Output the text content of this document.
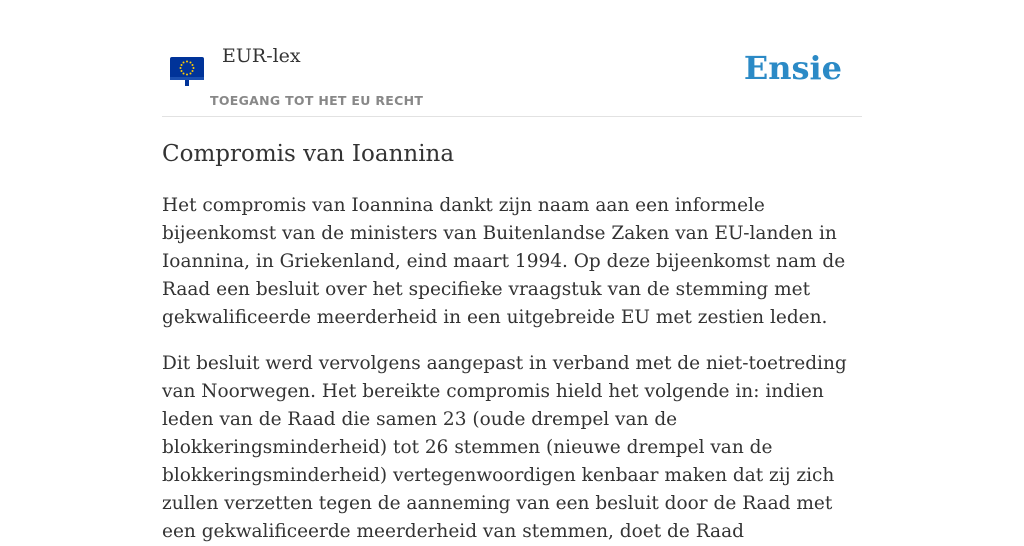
EUR-lex
TOEGANG TOT HET EU RECHT
Ensie
Compromis van Ioannina

Het compromis van Ioannina dankt zijn naam aan een informele bijeenkomst van de ministers van Buitenlandse Zaken van EU-landen in Ioannina, in Griekenland, eind maart 1994. Op deze bijeenkomst nam de Raad een besluit over het specifieke vraagstuk van de stemming met gekwalificeerde meerderheid in een uitgebreide EU met zestien leden.

Dit besluit werd vervolgens aangepast in verband met de niet-toetreding van Noorwegen. Het bereikte compromis hield het volgende in: indien leden van de Raad die samen 23 (oude drempel van de blokkeringsminderheid) tot 26 stemmen (nieuwe drempel van de blokkeringsminderheid) vertegenwoordigen kenbaar maken dat zij zich zullen verzetten tegen de aanneming van een besluit door de Raad met een gekwalificeerde meerderheid van stemmen, doet de Raad
